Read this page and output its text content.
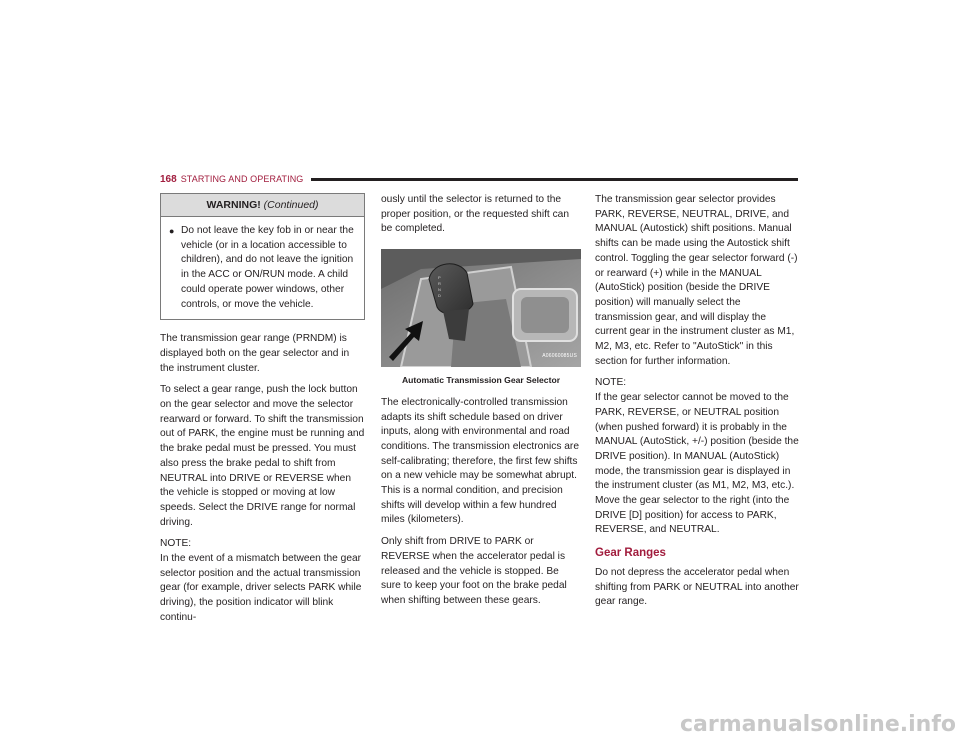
168 STARTING AND OPERATING
WARNING! (Continued)
● Do not leave the key fob in or near the vehicle (or in a location accessible to children), and do not leave the ignition in the ACC or ON/RUN mode. A child could operate power windows, other controls, or move the vehicle.

The transmission gear range (PRNDM) is displayed both on the gear selector and in the instrument cluster.

To select a gear range, push the lock button on the gear selector and move the selector rearward or forward. To shift the transmission out of PARK, the engine must be running and the brake pedal must be pressed. You must also press the brake pedal to shift from NEUTRAL into DRIVE or REVERSE when the vehicle is stopped or moving at low speeds. Select the DRIVE range for normal driving.

NOTE:
In the event of a mismatch between the gear selector position and the actual transmission gear (for example, driver selects PARK while driving), the position indicator will blink continu-

ously until the selector is returned to the proper position, or the requested shift can be completed.

P
R
N
D
A06060085US
Automatic Transmission Gear Selector

The electronically-controlled transmission adapts its shift schedule based on driver inputs, along with environmental and road conditions. The transmission electronics are self-calibrating; therefore, the first few shifts on a new vehicle may be somewhat abrupt. This is a normal condition, and precision shifts will develop within a few hundred miles (kilometers).

Only shift from DRIVE to PARK or REVERSE when the accelerator pedal is released and the vehicle is stopped. Be sure to keep your foot on the brake pedal when shifting between these gears.

The transmission gear selector provides PARK, REVERSE, NEUTRAL, DRIVE, and MANUAL (Autostick) shift positions. Manual shifts can be made using the Autostick shift control. Toggling the gear selector forward (-) or rearward (+) while in the MANUAL (AutoStick) position (beside the DRIVE position) will manually select the transmission gear, and will display the current gear in the instrument cluster as M1, M2, M3, etc. Refer to "AutoStick" in this section for further information.

NOTE:
If the gear selector cannot be moved to the PARK, REVERSE, or NEUTRAL position (when pushed forward) it is probably in the MANUAL (AutoStick, +/-) position (beside the DRIVE position). In MANUAL (AutoStick) mode, the transmission gear is displayed in the instrument cluster (as M1, M2, M3, etc.). Move the gear selector to the right (into the DRIVE [D] position) for access to PARK, REVERSE, and NEUTRAL.

Gear Ranges

Do not depress the accelerator pedal when shifting from PARK or NEUTRAL into another gear range.

carmanualsonline.info
